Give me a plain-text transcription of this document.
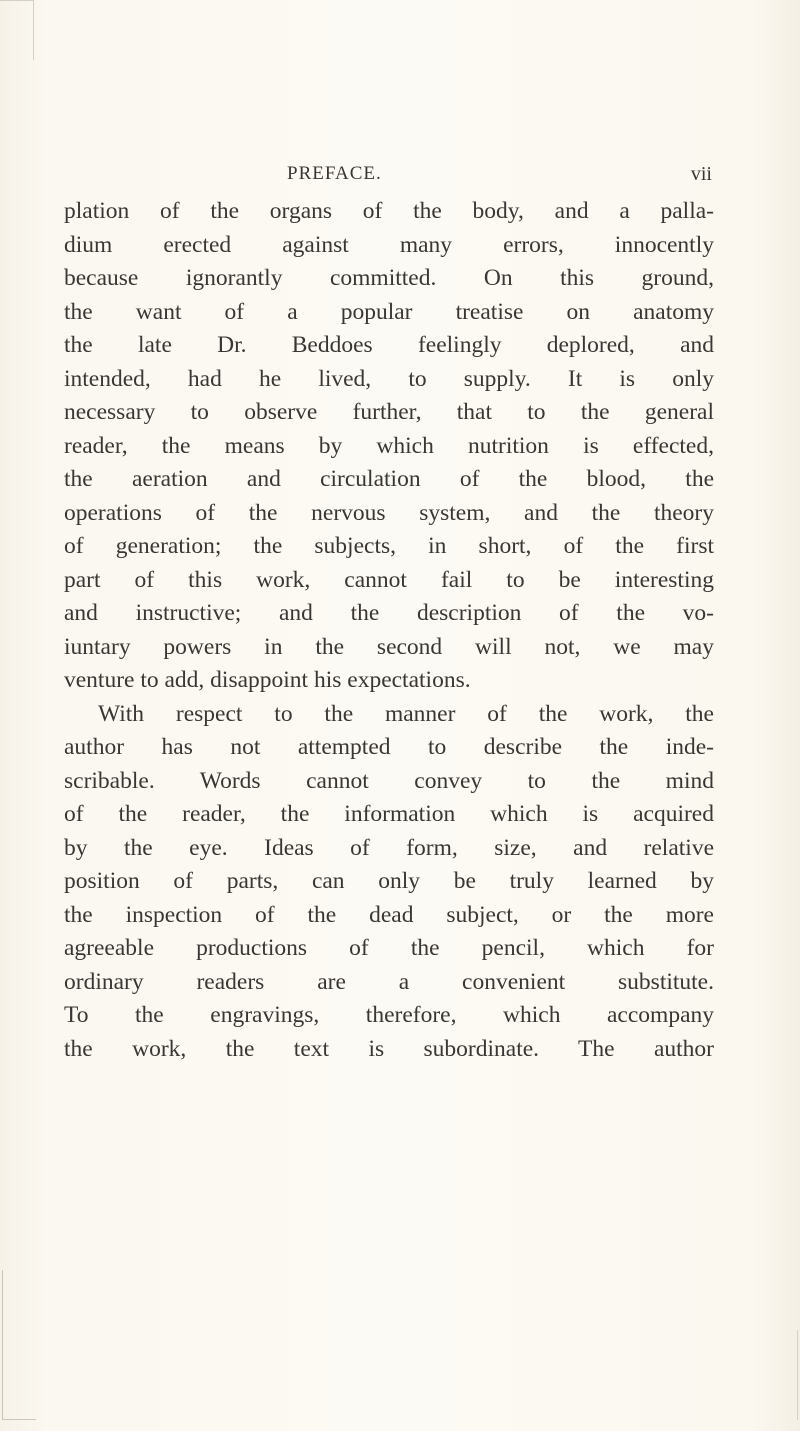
PREFACE.	vii
plation of the organs of the body, and a palla-
dium erected against many errors, innocently
because ignorantly committed. On this ground,
the want of a popular treatise on anatomy
the late Dr. Beddoes feelingly deplored, and
intended, had he lived, to supply. It is only
necessary to observe further, that to the general
reader, the means by which nutrition is effected,
the aeration and circulation of the blood, the
operations of the nervous system, and the theory
of generation; the subjects, in short, of the first
part of this work, cannot fail to be interesting
and instructive; and the description of the vo-
iuntary powers in the second will not, we may
venture to add, disappoint his expectations.
With respect to the manner of the work, the
author has not attempted to describe the inde-
scribable. Words cannot convey to the mind
of the reader, the information which is acquired
by the eye. Ideas of form, size, and relative
position of parts, can only be truly learned by
the inspection of the dead subject, or the more
agreeable productions of the pencil, which for
ordinary readers are a convenient substitute.
To the engravings, therefore, which accompany
the work, the text is subordinate. The author
